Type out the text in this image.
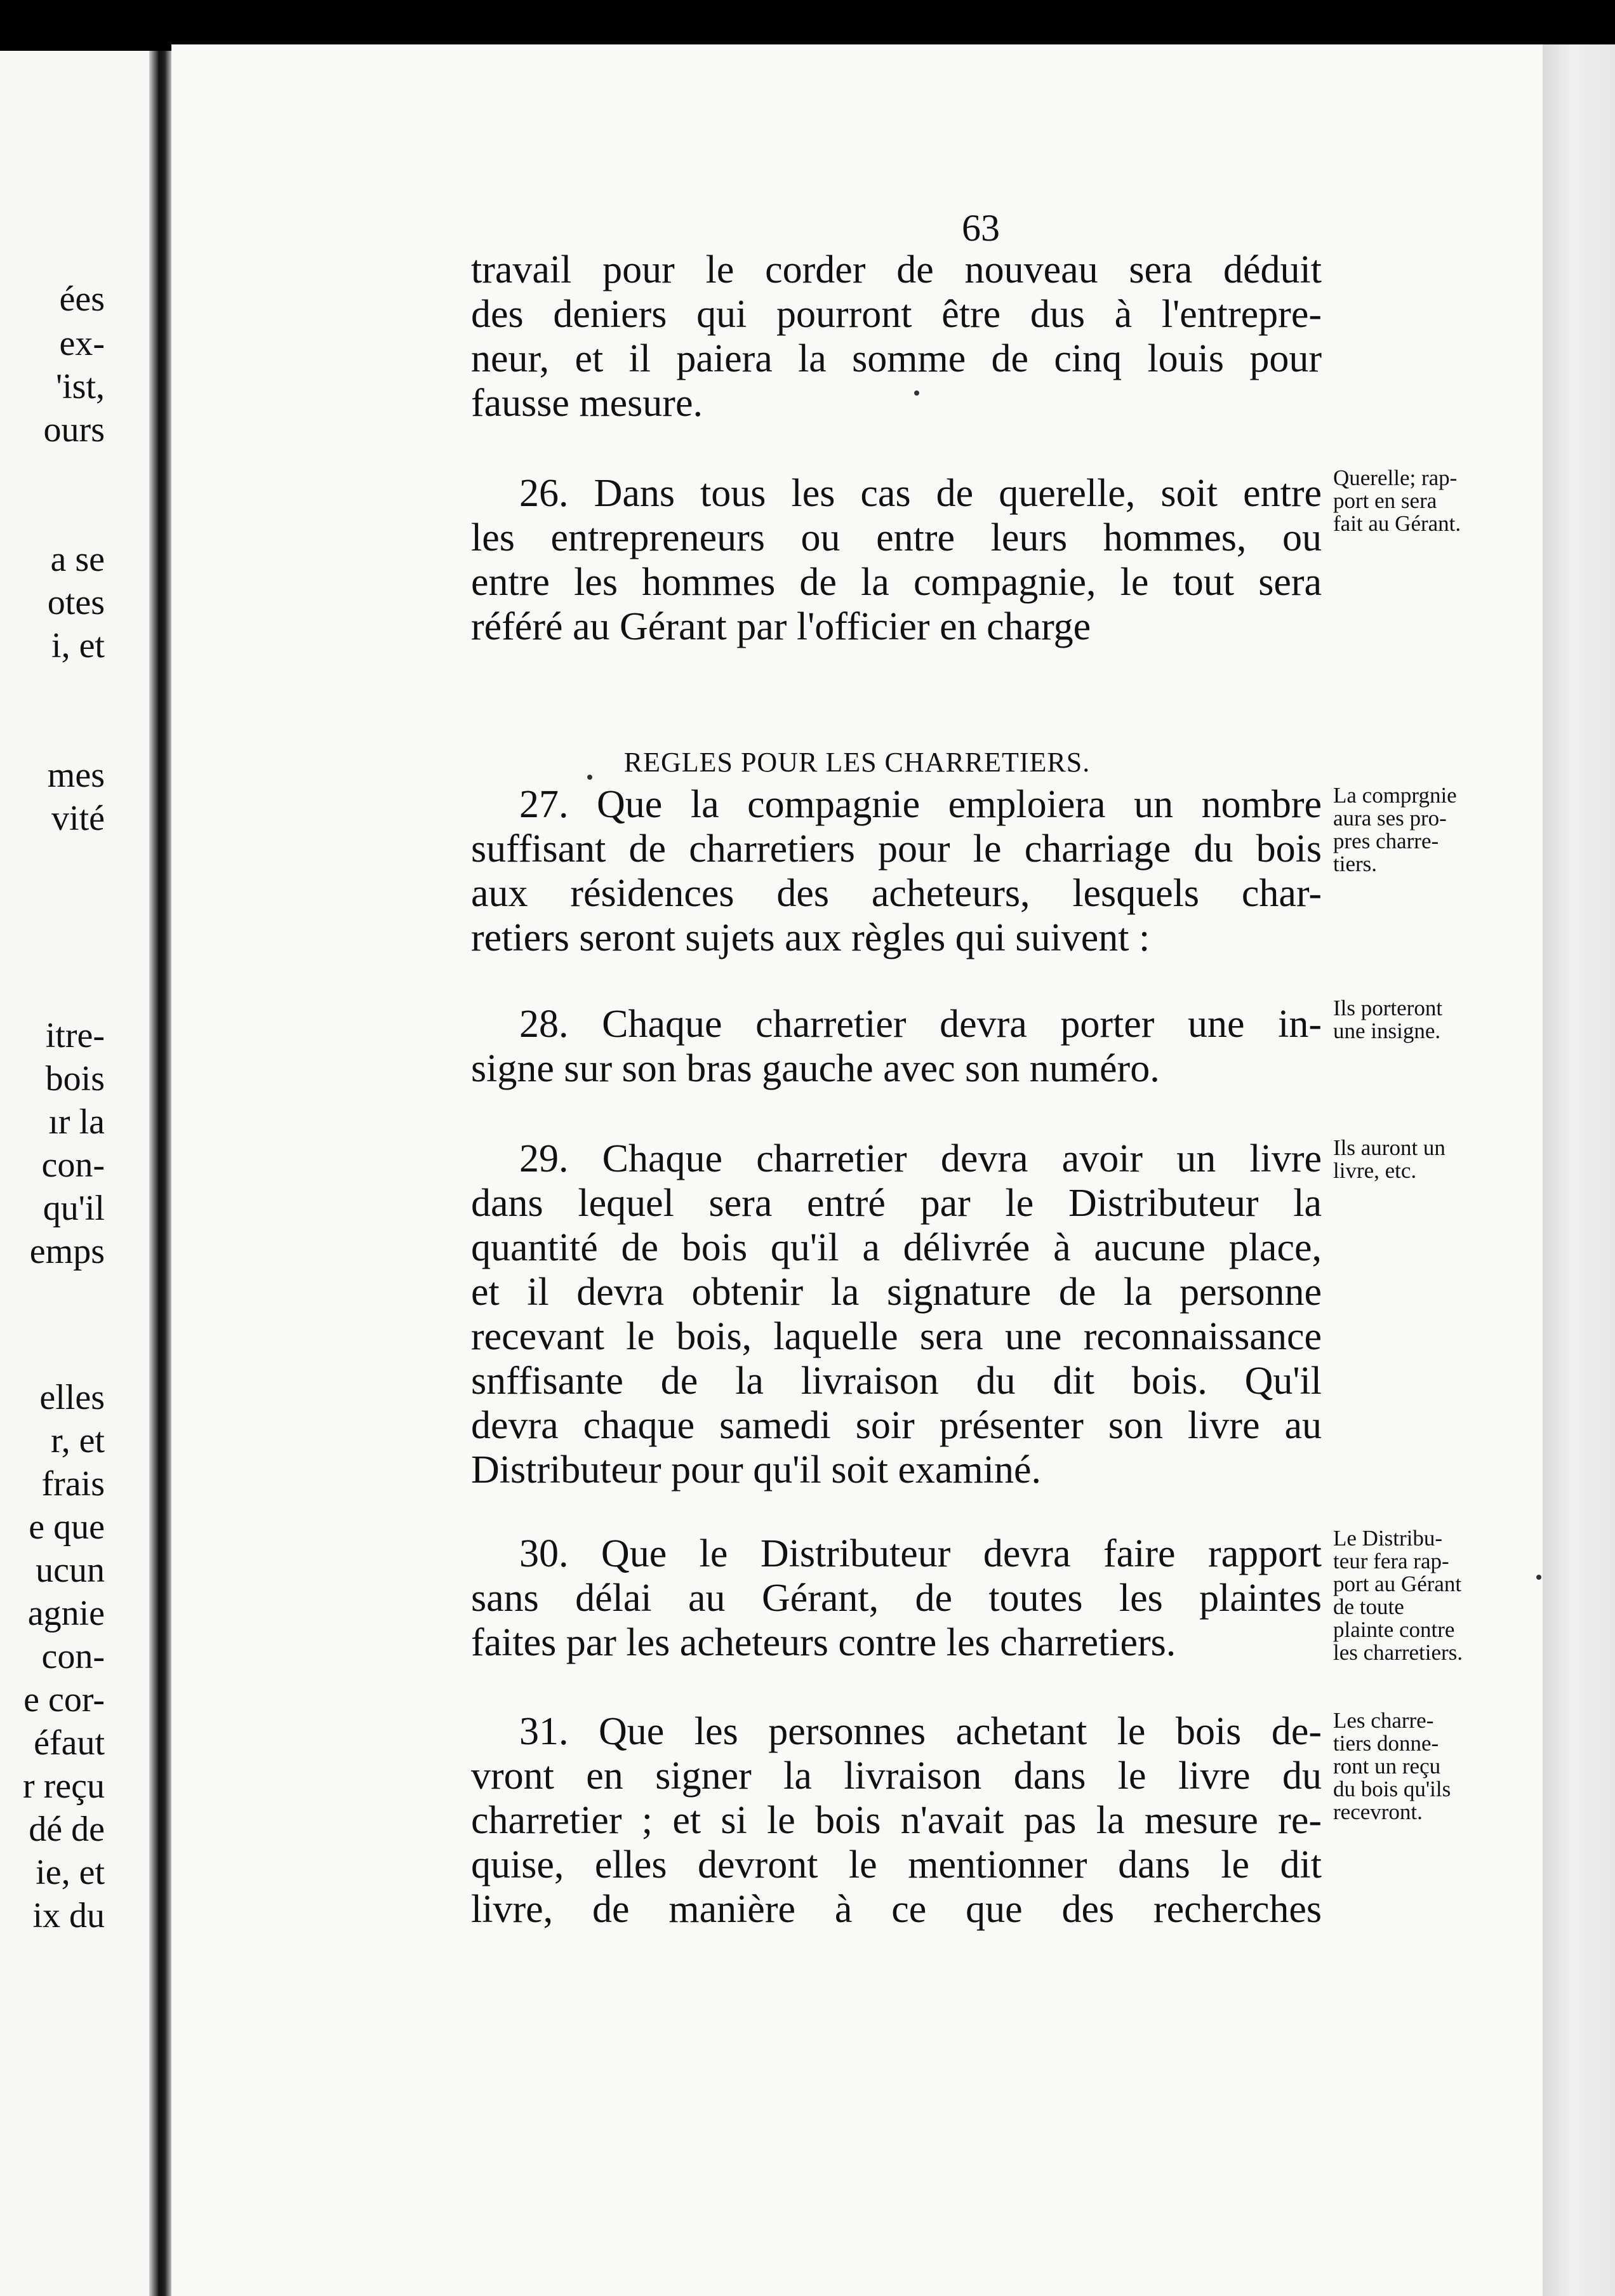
ées
ex-
'ist,
ours
a se
otes
i, et
mes
vité
itre-
bois
ır la
con-
qu'il
emps
elles
r, et
frais
e que
ucun
agnie
con-
e cor-
éfaut
r reçu
dé de
ie, et
ix du
63
REGLES POUR LES CHARRETIERS.
travail pour le corder de nouveau sera déduit
des deniers qui pourront être dus à l'entrepre-
neur, et il paiera la somme de cinq louis pour
fausse mesure.
26. Dans tous les cas de querelle, soit entre
les entrepreneurs ou entre leurs hommes, ou
entre les hommes de la compagnie, le tout sera
référé au Gérant par l'officier en charge
27. Que la compagnie emploiera un nombre
suffisant de charretiers pour le charriage du bois
aux résidences des acheteurs, lesquels char-
retiers seront sujets aux règles qui suivent :
28. Chaque charretier devra porter une in-
signe sur son bras gauche avec son numéro.
29. Chaque charretier devra avoir un livre
dans lequel sera entré par le Distributeur la
quantité de bois qu'il a délivrée à aucune place,
et il devra obtenir la signature de la personne
recevant le bois, laquelle sera une reconnaissance
snffisante de la livraison du dit bois. Qu'il
devra chaque samedi soir présenter son livre au
Distributeur pour qu'il soit examiné.
30. Que le Distributeur devra faire rapport
sans délai au Gérant, de toutes les plaintes
faites par les acheteurs contre les charretiers.
31. Que les personnes achetant le bois de-
vront en signer la livraison dans le livre du
charretier ; et si le bois n'avait pas la mesure re-
quise, elles devront le mentionner dans le dit
livre, de manière à ce que des recherches
Querelle; rap-
port en sera
fait au Gérant.
La comprgnie
aura ses pro-
pres charre-
tiers.
Ils porteront
une insigne.
Ils auront un
livre, etc.
Le Distribu-
teur fera rap-
port au Gérant
de toute
plainte contre
les charretiers.
Les charre-
tiers donne-
ront un reçu
du bois qu'ils
recevront.
